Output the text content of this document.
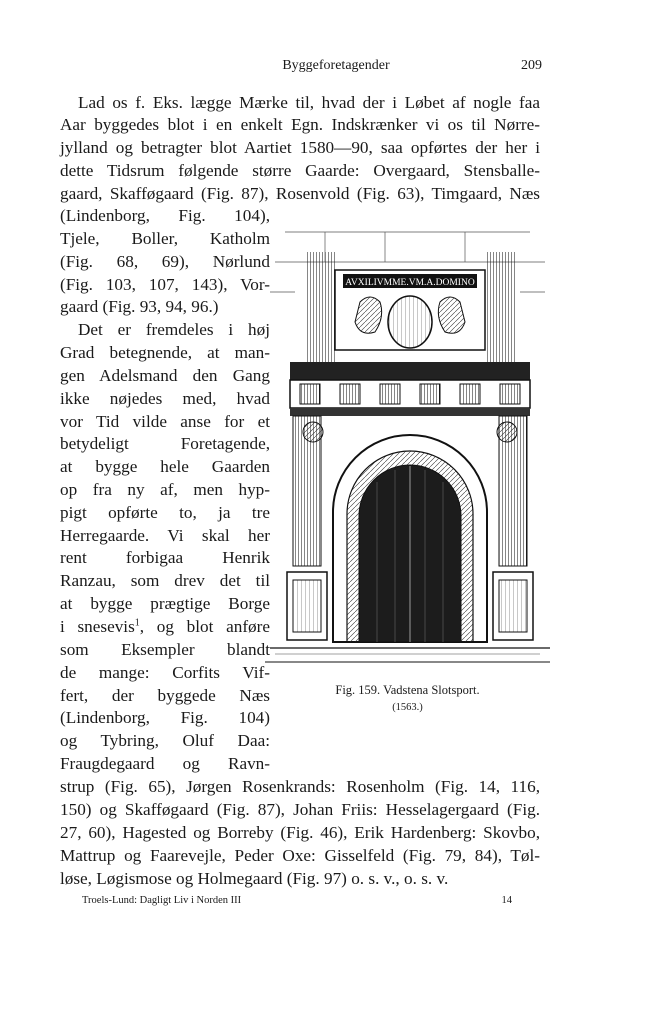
Byggeforetagender	209
Lad os f. Eks. lægge Mærke til, hvad der i Løbet af nogle faa
Aar byggedes blot i en enkelt Egn. Indskrænker vi os til Nørre-
jylland og betragter blot Aartiet 1580—90, saa opførtes der her i
dette Tidsrum følgende større Gaarde: Overgaard, Stensballe-
gaard, Skafføgaard (Fig. 87), Rosenvold (Fig. 63), Timgaard, Næs
(Lindenborg, Fig. 104),
Tjele, Boller, Katholm
(Fig. 68, 69), Nørlund
(Fig. 103, 107, 143), Vor-
gaard (Fig. 93, 94, 96.)
Det er fremdeles i høj
Grad betegnende, at man-
gen Adelsmand den Gang
ikke nøjedes med, hvad
vor Tid vilde anse for et
betydeligt Foretagende,
at bygge hele Gaarden
op fra ny af, men hyp-
pigt opførte to, ja tre
Herregaarde. Vi skal her
rent forbigaa Henrik
Ranzau, som drev det til
at bygge prægtige Borge
i snesevis$^1$, og blot anføre
som Eksempler blandt
de mange: Corfits Vif-
fert, der byggede Næs
(Lindenborg, Fig. 104)
og Tybring, Oluf Daa:
Fraugdegaard og Ravn-
strup (Fig. 65), Jørgen Rosenkrands: Rosenholm (Fig. 14, 116,
150) og Skafføgaard (Fig. 87), Johan Friis: Hesselagergaard (Fig.
27, 60), Hagested og Borreby (Fig. 46), Erik Hardenberg: Skovbo,
Mattrup og Faarevejle, Peder Oxe: Gisselfeld (Fig. 79, 84), Tøl-
løse, Løgismose og Holmegaard (Fig. 97) o. s. v., o. s. v.
AVXILIVMME.VM.A.DOMINO
Fig. 159. Vadstena Slotsport.
(1563.)
Troels-Lund: Dagligt Liv i Norden III	14
